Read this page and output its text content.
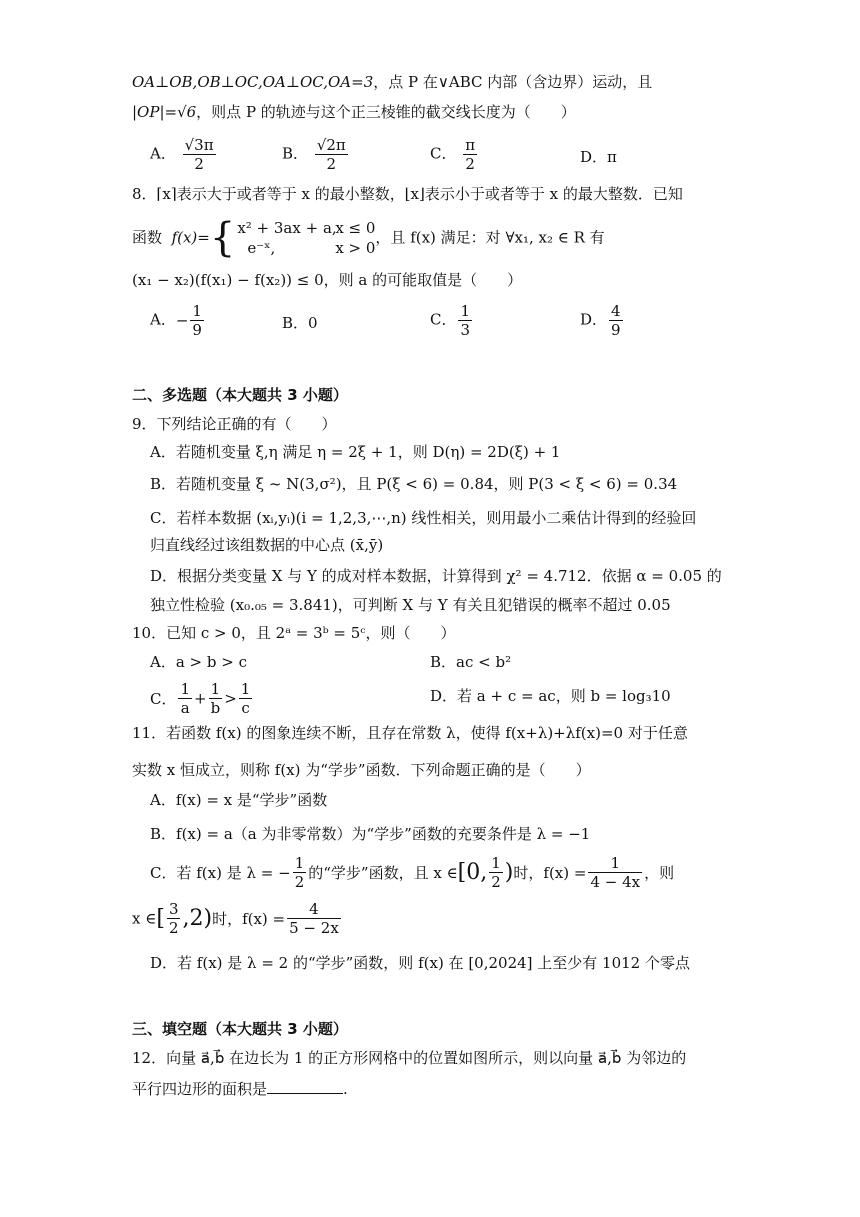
OA⊥OB,OB⊥OC,OA⊥OC,OA=3，点 P 在∨ABC 内部（含边界）运动，且
|OP|=√6，则点 P 的轨迹与这个正三棱锥的截交线长度为（　　）
A． $\frac{√3\pi}{2}$	B． $\frac{√2\pi}{2}$	C． $\frac{\pi}{2}$	D．π
8．⌈x⌉表示大于或者等于 x 的最小整数，⌊x⌋表示小于或者等于 x 的最大整数．已知
函数 f(x)={ x² + 3ax + a,x ≤ 0
e⁻ˣ,	x > 0，且 f(x) 满足：对 ∀x₁, x₂ ∈ R 有
(x₁ − x₂)(f(x₁) − f(x₂)) ≤ 0，则 a 的可能取值是（　　）
A．− $\frac{1}{9}$	B．0	C． $\frac{1}{3}$	D． $\frac{4}{9}$
二、多选题（本大题共 3 小题）
9．下列结论正确的有（　　）
A．若随机变量 ξ,η 满足 η = 2ξ + 1，则 D(η) = 2D(ξ) + 1
B．若随机变量 ξ ~ N(3,σ²)，且 P(ξ < 6) = 0.84，则 P(3 < ξ < 6) = 0.34
C．若样本数据 (xᵢ,yᵢ)(i = 1,2,3,⋯,n) 线性相关，则用最小二乘估计得到的经验回
归直线经过该组数据的中心点 (x̄,ȳ)
D．根据分类变量 X 与 Y 的成对样本数据，计算得到 χ² = 4.712．依据 α = 0.05 的
独立性检验 (x₀.₀₅ = 3.841)，可判断 X 与 Y 有关且犯错误的概率不超过 0.05
10．已知 c > 0，且 2ᵃ = 3ᵇ = 5ᶜ，则（　　）
A．a > b > c	B．ac < b²
C． $\frac{1}{a} + \frac{1}{b} > \frac{1}{c}$	D．若 a + c = ac，则 b = log₃10
11．若函数 f(x) 的图象连续不断，且存在常数 λ，使得 f(x+λ)+λf(x)=0 对于任意
实数 x 恒成立，则称 f(x) 为“学步”函数．下列命题正确的是（　　）
A．f(x) = x 是“学步”函数
B．f(x) = a（a 为非零常数）为“学步”函数的充要条件是 λ = −1
C．若 f(x) 是 λ = − $\frac{1}{2}$ 的“学步”函数，且 x ∈[0, $\frac{1}{2}$ )时，$f(x) = \frac{1}{4 - 4x}$ ，则
x ∈[ $\frac{3}{2} ,2$)时，$f(x) = \frac{4}{5 - 2x}$
D．若 f(x) 是 λ = 2 的“学步”函数，则 f(x) 在 [0,2024] 上至少有 1012 个零点
三、填空题（本大题共 3 小题）
12．向量 a⃗,b⃗ 在边长为 1 的正方形网格中的位置如图所示，则以向量 a⃗,b⃗ 为邻边的
平行四边形的面积是	.
